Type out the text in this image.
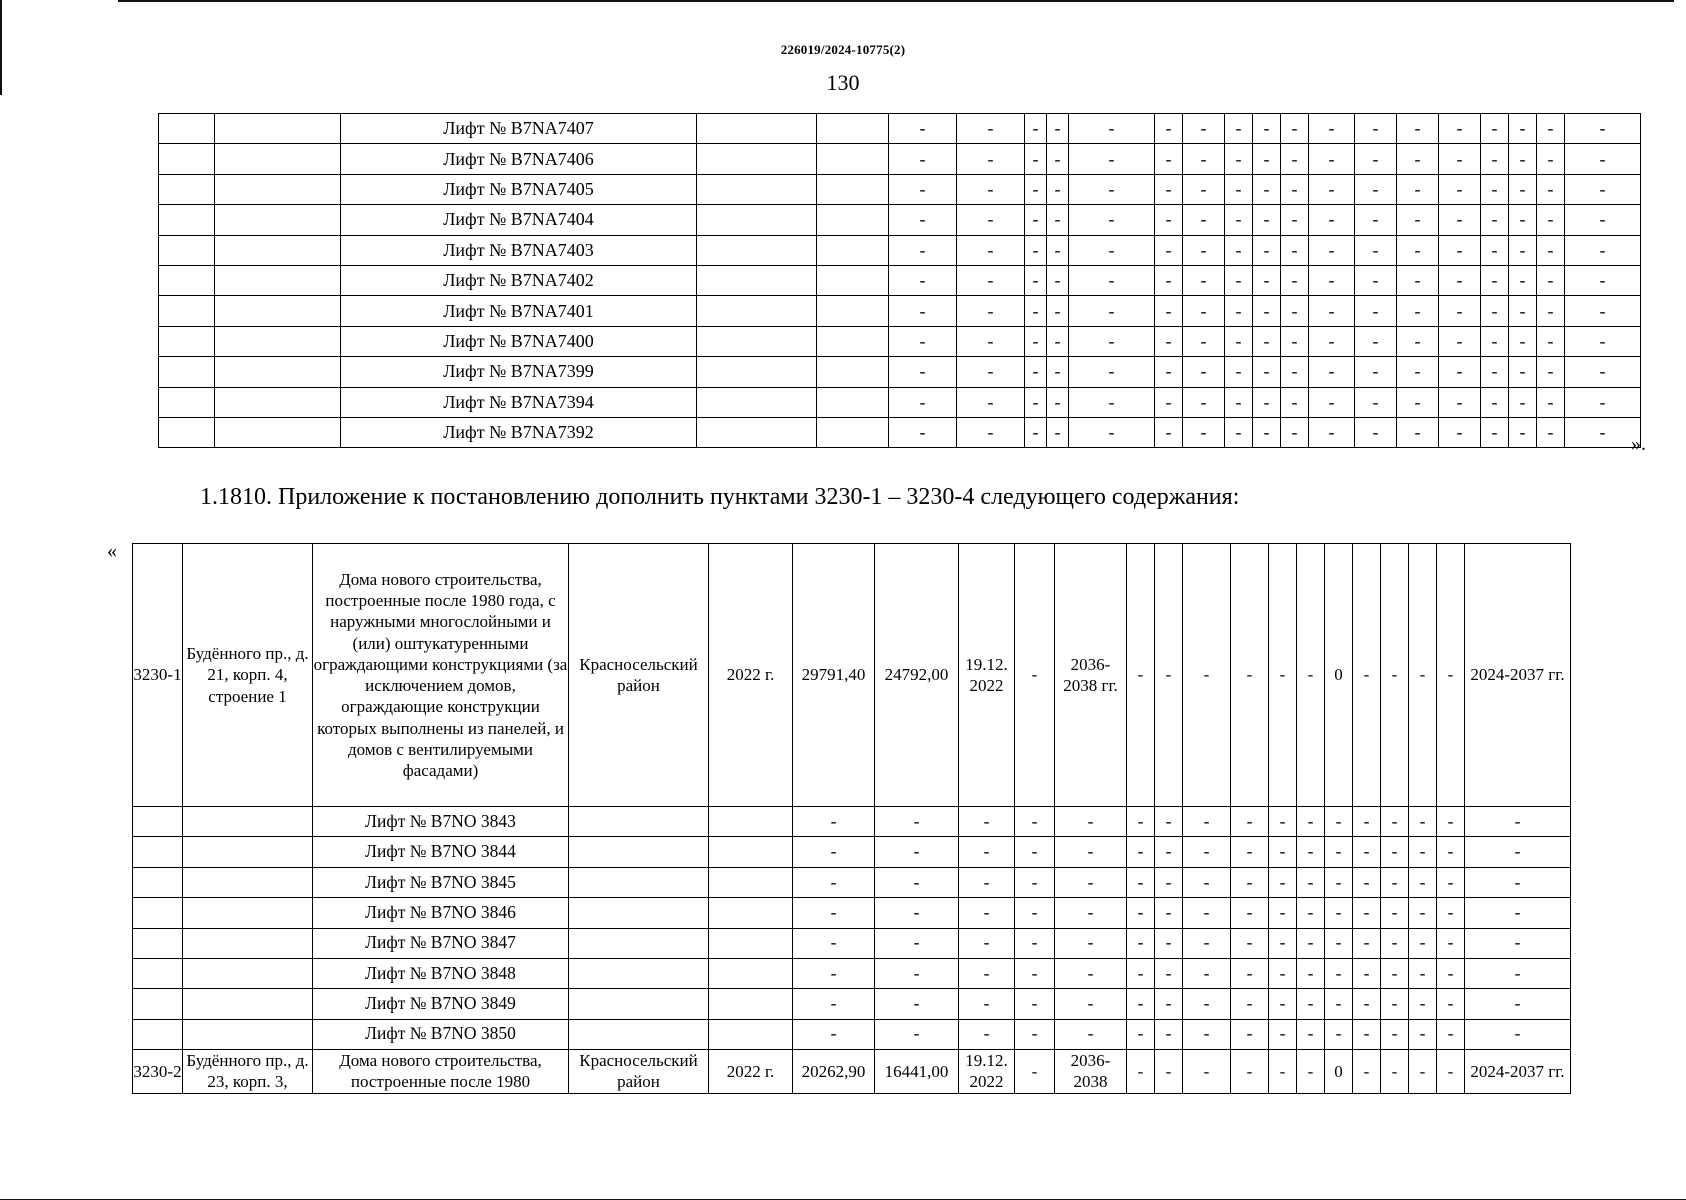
226019/2024-10775(2)
130
		Лифт № В7NA7407			-	-	-	-	-	-	-	-	-	-	-	-	-	-	-	-	-	-
		Лифт № В7NA7406			-	-	-	-	-	-	-	-	-	-	-	-	-	-	-	-	-	-
		Лифт № В7NA7405			-	-	-	-	-	-	-	-	-	-	-	-	-	-	-	-	-	-
		Лифт № В7NA7404			-	-	-	-	-	-	-	-	-	-	-	-	-	-	-	-	-	-
		Лифт № В7NA7403			-	-	-	-	-	-	-	-	-	-	-	-	-	-	-	-	-	-
		Лифт № В7NA7402			-	-	-	-	-	-	-	-	-	-	-	-	-	-	-	-	-	-
		Лифт № В7NA7401			-	-	-	-	-	-	-	-	-	-	-	-	-	-	-	-	-	-
		Лифт № В7NA7400			-	-	-	-	-	-	-	-	-	-	-	-	-	-	-	-	-	-
		Лифт № В7NA7399			-	-	-	-	-	-	-	-	-	-	-	-	-	-	-	-	-	-
		Лифт № В7NA7394			-	-	-	-	-	-	-	-	-	-	-	-	-	-	-	-	-	-
		Лифт № В7NA7392			-	-	-	-	-	-	-	-	-	-	-	-	-	-	-	-	-	-
».
1.1810. Приложение к постановлению дополнить пунктами 3230-1 – 3230-4 следующего содержания:
«
3230-1	Будённого пр., д. 21, корп. 4, строение 1	Дома нового строительства, построенные после 1980 года, с наружными многослойными и (или) оштукатуренными ограждающими конструкциями (за исключением домов, ограждающие конструкции которых выполнены из панелей, и домов с вентилируемыми фасадами)	Красносельский район	2022 г.	29791,40	24792,00	19.12. 2022	-	2036- 2038 гг.	-	-	-	-	-	-	0	-	-	-	-	2024-2037 гг.
		Лифт № В7NO 3843			-	-	-	-	-	-	-	-	-	-	-	-	-	-	-	-	-
		Лифт № В7NO 3844			-	-	-	-	-	-	-	-	-	-	-	-	-	-	-	-	-
		Лифт № В7NO 3845			-	-	-	-	-	-	-	-	-	-	-	-	-	-	-	-	-
		Лифт № В7NO 3846			-	-	-	-	-	-	-	-	-	-	-	-	-	-	-	-	-
		Лифт № В7NO 3847			-	-	-	-	-	-	-	-	-	-	-	-	-	-	-	-	-
		Лифт № В7NO 3848			-	-	-	-	-	-	-	-	-	-	-	-	-	-	-	-	-
		Лифт № В7NO 3849			-	-	-	-	-	-	-	-	-	-	-	-	-	-	-	-	-
		Лифт № В7NO 3850			-	-	-	-	-	-	-	-	-	-	-	-	-	-	-	-	-
3230-2	Будённого пр., д. 23, корп. 3,	Дома нового строительства, построенные после 1980	Красносельский район	2022 г.	20262,90	16441,00	19.12. 2022	-	2036- 2038	-	-	-	-	-	-	0	-	-	-	-	2024-2037 гг.
